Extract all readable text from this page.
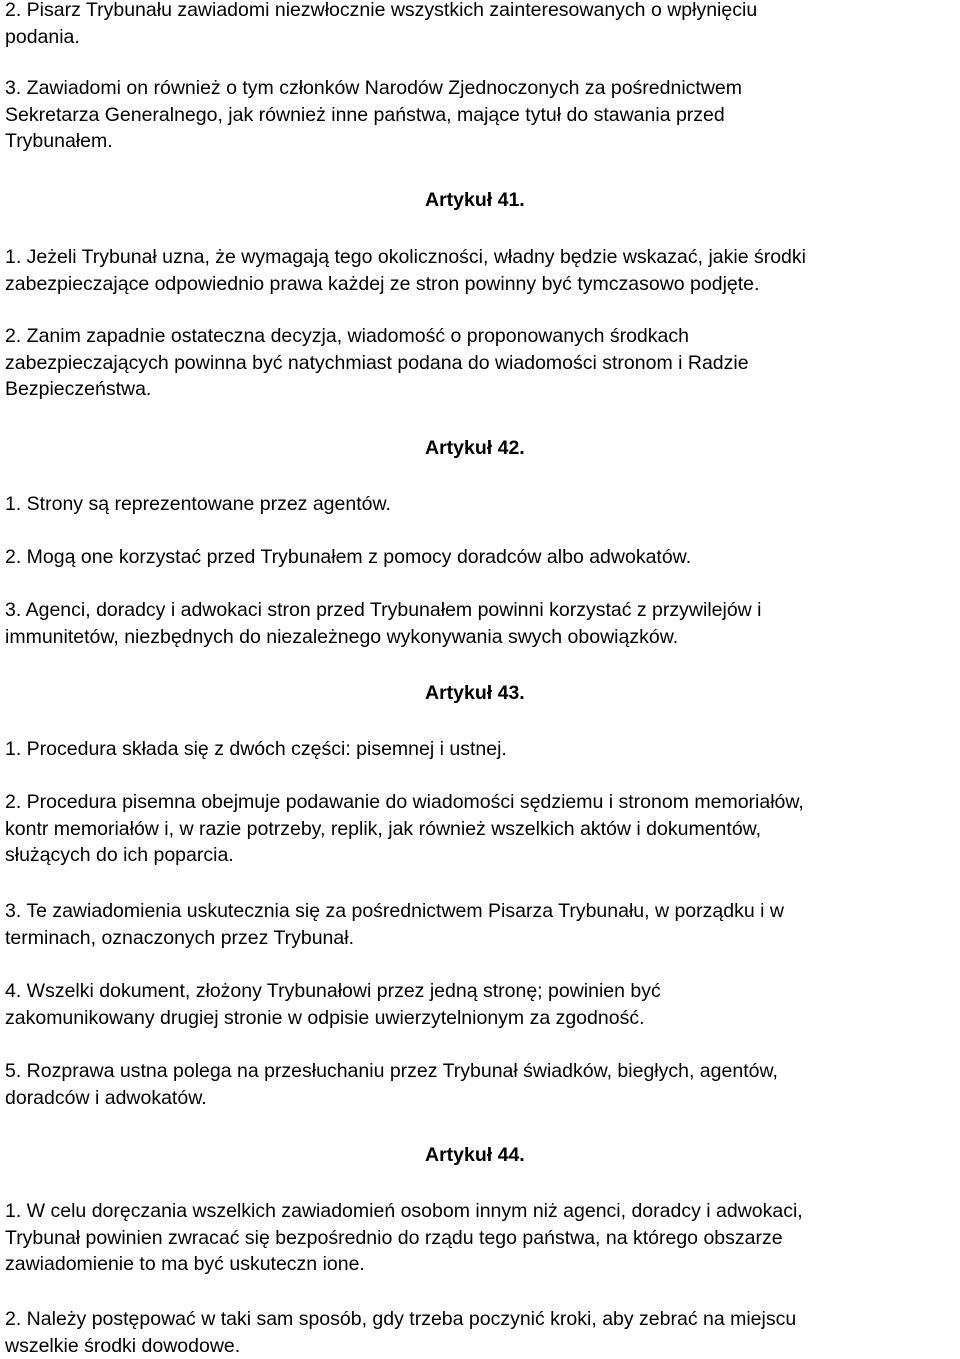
2. Pisarz Trybunału zawiadomi niezwłocznie wszystkich zainteresowanych o wpłynięciu
podania.
3. Zawiadomi on również o tym członków Narodów Zjednoczonych za pośrednictwem
Sekretarza Generalnego, jak również inne państwa, mające tytuł do stawania przed
Trybunałem.
Artykuł 41.
1. Jeżeli Trybunał uzna, że wymagają tego okoliczności, władny będzie wskazać, jakie środki
zabezpieczające odpowiednio prawa każdej ze stron powinny być tymczasowo podjęte.
2. Zanim zapadnie ostateczna decyzja, wiadomość o proponowanych środkach
zabezpieczających powinna być natychmiast podana do wiadomości stronom i Radzie
Bezpieczeństwa.
Artykuł 42.
1. Strony są reprezentowane przez agentów.
2. Mogą one korzystać przed Trybunałem z pomocy doradców albo adwokatów.
3. Agenci, doradcy i adwokaci stron przed Trybunałem powinni korzystać z przywilejów i
immunitetów, niezbędnych do niezależnego wykonywania swych obowiązków.
Artykuł 43.
1. Procedura składa się z dwóch części: pisemnej i ustnej.
2. Procedura pisemna obejmuje podawanie do wiadomości sędziemu i stronom memoriałów,
kontr memoriałów i, w razie potrzeby, replik, jak również wszelkich aktów i dokumentów,
służących do ich poparcia.
3. Te zawiadomienia uskutecznia się za pośrednictwem Pisarza Trybunału, w porządku i w
terminach, oznaczonych przez Trybunał.
4. Wszelki dokument, złożony Trybunałowi przez jedną stronę; powinien być
zakomunikowany drugiej stronie w odpisie uwierzytelnionym za zgodność.
5. Rozprawa ustna polega na przesłuchaniu przez Trybunał świadków, biegłych, agentów,
doradców i adwokatów.
Artykuł 44.
1. W celu doręczania wszelkich zawiadomień osobom innym niż agenci, doradcy i adwokaci,
Trybunał powinien zwracać się bezpośrednio do rządu tego państwa, na którego obszarze
zawiadomienie to ma być uskuteczn ione.
2. Należy postępować w taki sam sposób, gdy trzeba poczynić kroki, aby zebrać na miejscu
wszelkie środki dowodowe.
